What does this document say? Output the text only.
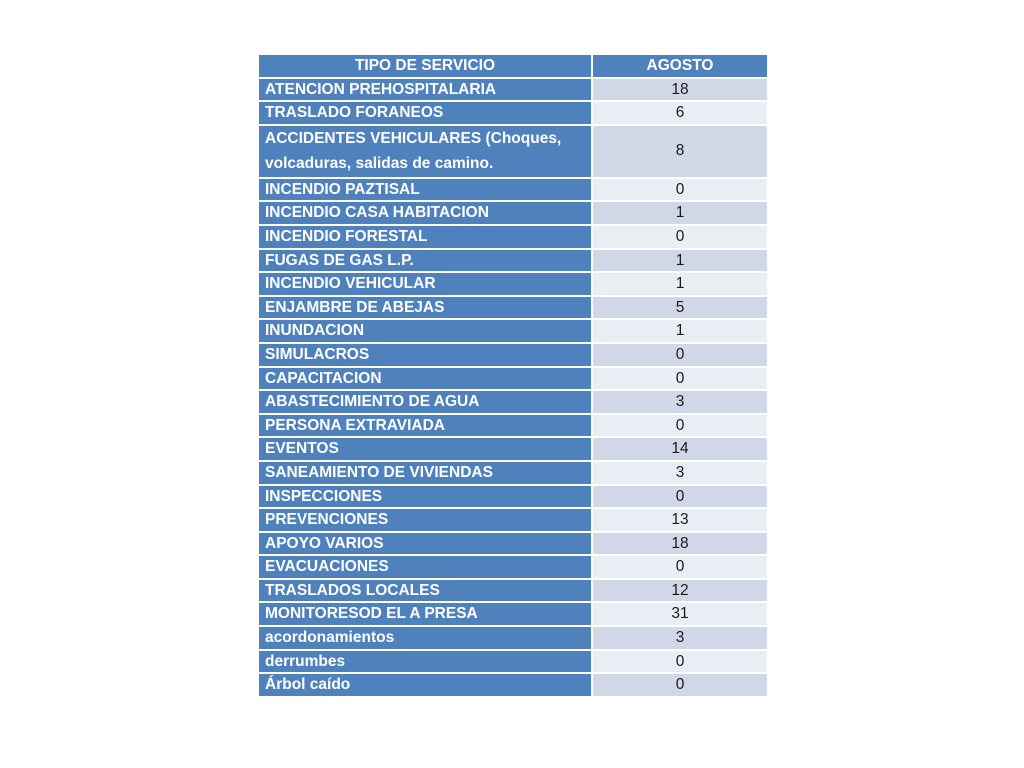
TIPO DE SERVICIO	AGOSTO
ATENCION PREHOSPITALARIA	18
TRASLADO FORANEOS	6
ACCIDENTES VEHICULARES (Choques, volcaduras, salidas de camino.	8
INCENDIO PAZTISAL	0
INCENDIO CASA HABITACION	1
INCENDIO FORESTAL	0
FUGAS DE GAS L.P.	1
INCENDIO VEHICULAR	1
ENJAMBRE DE ABEJAS	5
INUNDACION	1
SIMULACROS	0
CAPACITACION	0
ABASTECIMIENTO DE AGUA	3
PERSONA EXTRAVIADA	0
EVENTOS	14
SANEAMIENTO DE VIVIENDAS	3
INSPECCIONES	0
PREVENCIONES	13
APOYO VARIOS	18
EVACUACIONES	0
TRASLADOS LOCALES	12
MONITORESOD EL A PRESA	31
acordonamientos	3
derrumbes	0
Árbol caído	0
